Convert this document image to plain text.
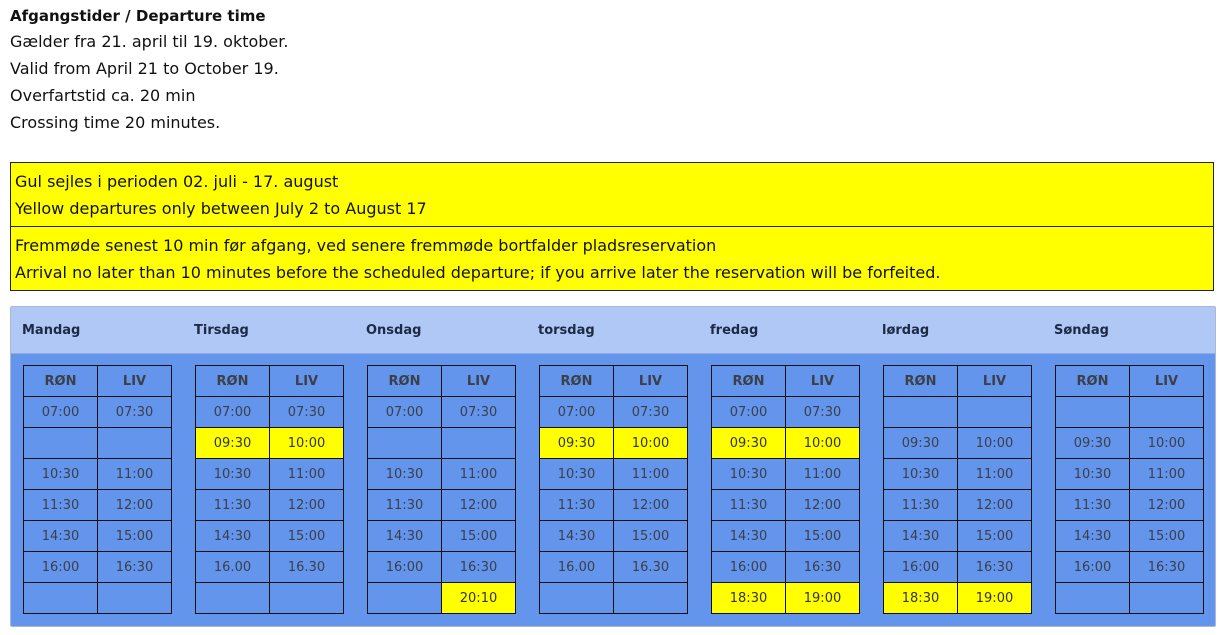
Afgangstider / Departure time
Gælder fra 21. april til 19. oktober.
Valid from April 21 to October 19.
Overfartstid ca. 20 min
Crossing time 20 minutes.
Gul sejles i perioden 02. juli - 17. august
Yellow departures only between July 2 to August 17
Fremmøde senest 10 min før afgang, ved senere fremmøde bortfalder pladsreservation
Arrival no later than 10 minutes before the scheduled departure; if you arrive later the reservation will be forfeited.
Mandag	Tirsdag	Onsdag	torsdag	fredag	lørdag	Søndag
RØN	LIV
07:00	07:30

10:30	11:00
11:30	12:00
14:30	15:00
16:00	16:30

RØN	LIV
07:00	07:30
09:30	10:00
10:30	11:00
11:30	12:00
14:30	15:00
16.00	16.30

RØN	LIV
07:00	07:30

10:30	11:00
11:30	12:00
14:30	15:00
16:00	16:30
	20:10
RØN	LIV
07:00	07:30
09:30	10:00
10:30	11:00
11:30	12:00
14:30	15:00
16.00	16.30

RØN	LIV
07:00	07:30
09:30	10:00
10:30	11:00
11:30	12:00
14:30	15:00
16:00	16:30
18:30	19:00
RØN	LIV

09:30	10:00
10:30	11:00
11:30	12:00
14:30	15:00
16:00	16:30
18:30	19:00
RØN	LIV

09:30	10:00
10:30	11:00
11:30	12:00
14:30	15:00
16:00	16:30
